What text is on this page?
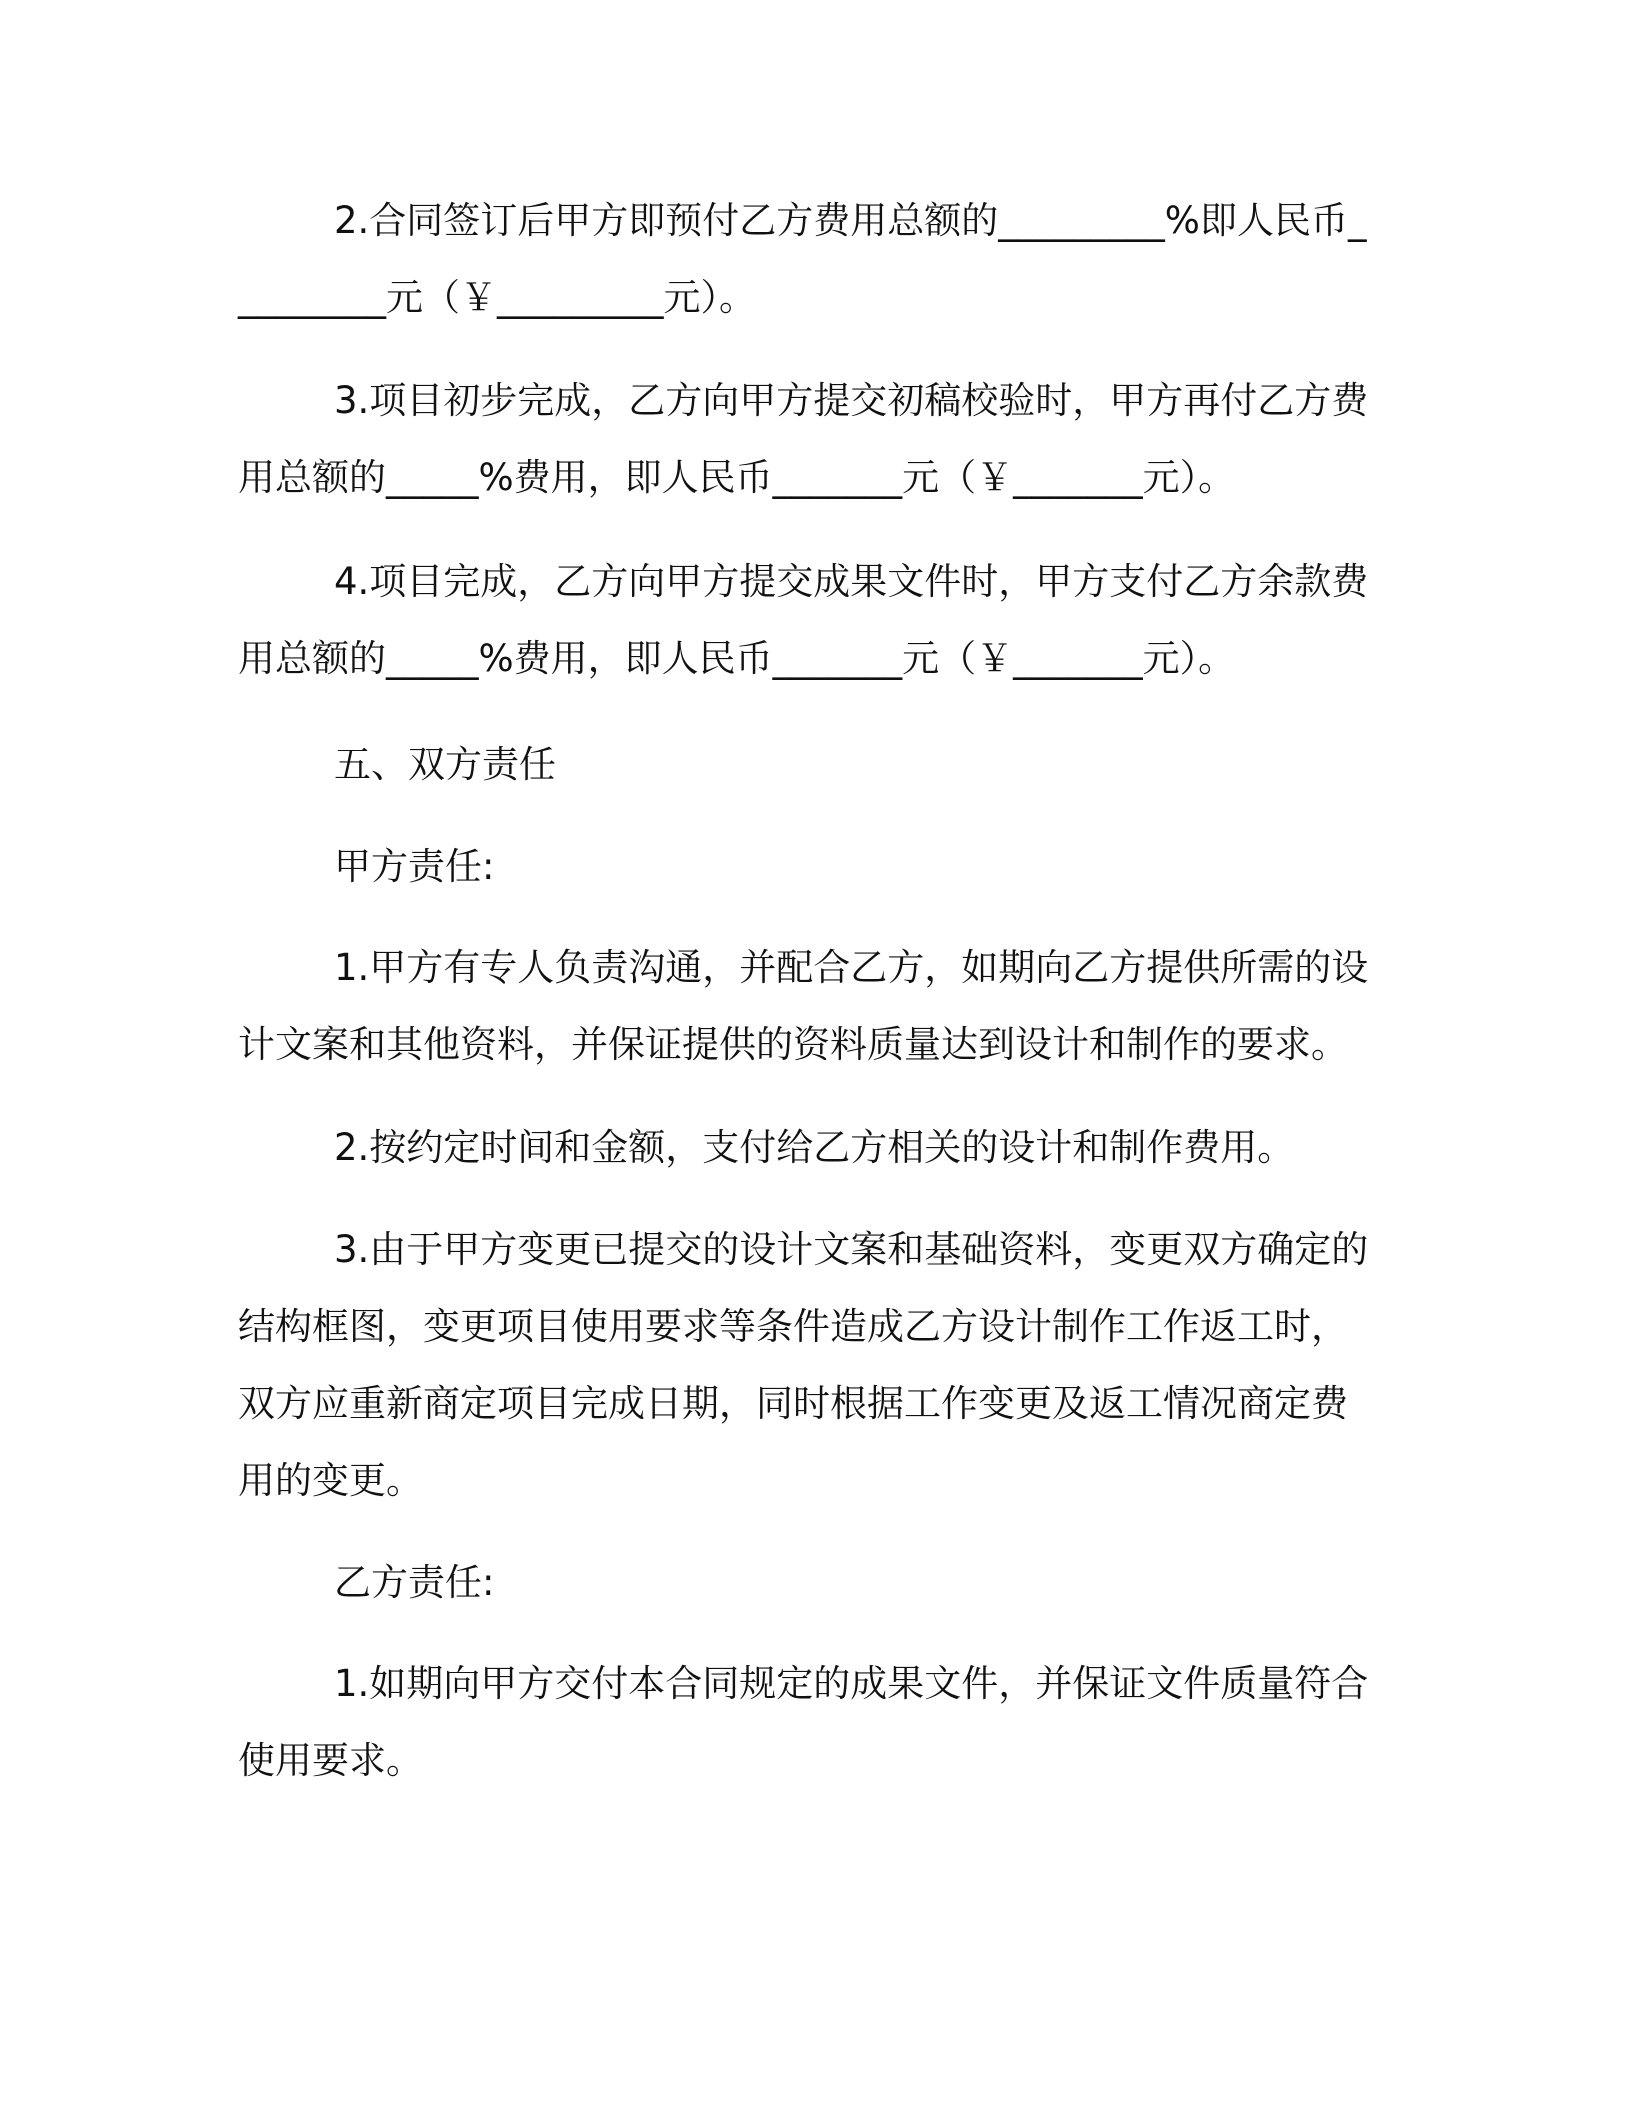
2.合同签订后甲方即预付乙方费用总额的_________%即人民币_________元（￥_________元）。

3.项目初步完成，乙方向甲方提交初稿校验时，甲方再付乙方费用总额的_____%费用，即人民币_______元（￥_______元）。

4.项目完成，乙方向甲方提交成果文件时，甲方支付乙方余款费用总额的_____%费用，即人民币_______元（￥_______元）。

五、双方责任

甲方责任:

1.甲方有专人负责沟通，并配合乙方，如期向乙方提供所需的设计文案和其他资料，并保证提供的资料质量达到设计和制作的要求。

2.按约定时间和金额，支付给乙方相关的设计和制作费用。

3.由于甲方变更已提交的设计文案和基础资料，变更双方确定的结构框图，变更项目使用要求等条件造成乙方设计制作工作返工时，双方应重新商定项目完成日期，同时根据工作变更及返工情况商定费用的变更。

乙方责任:

1.如期向甲方交付本合同规定的成果文件，并保证文件质量符合使用要求。
